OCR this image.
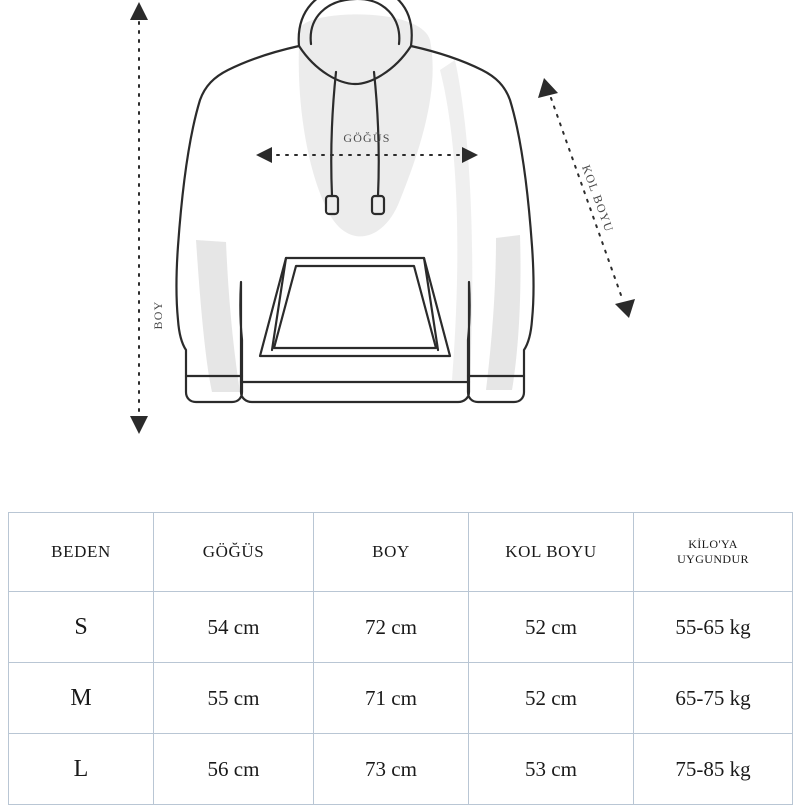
GÖĞÜS
BOY
KOL BOYU
BEDEN	GÖĞÜS	BOY	KOL BOYU	KİLO'YA
UYGUNDUR

S	54 cm	72 cm	52 cm	55-65 kg
M	55 cm	71 cm	52 cm	65-75 kg
L	56 cm	73 cm	53 cm	75-85 kg
